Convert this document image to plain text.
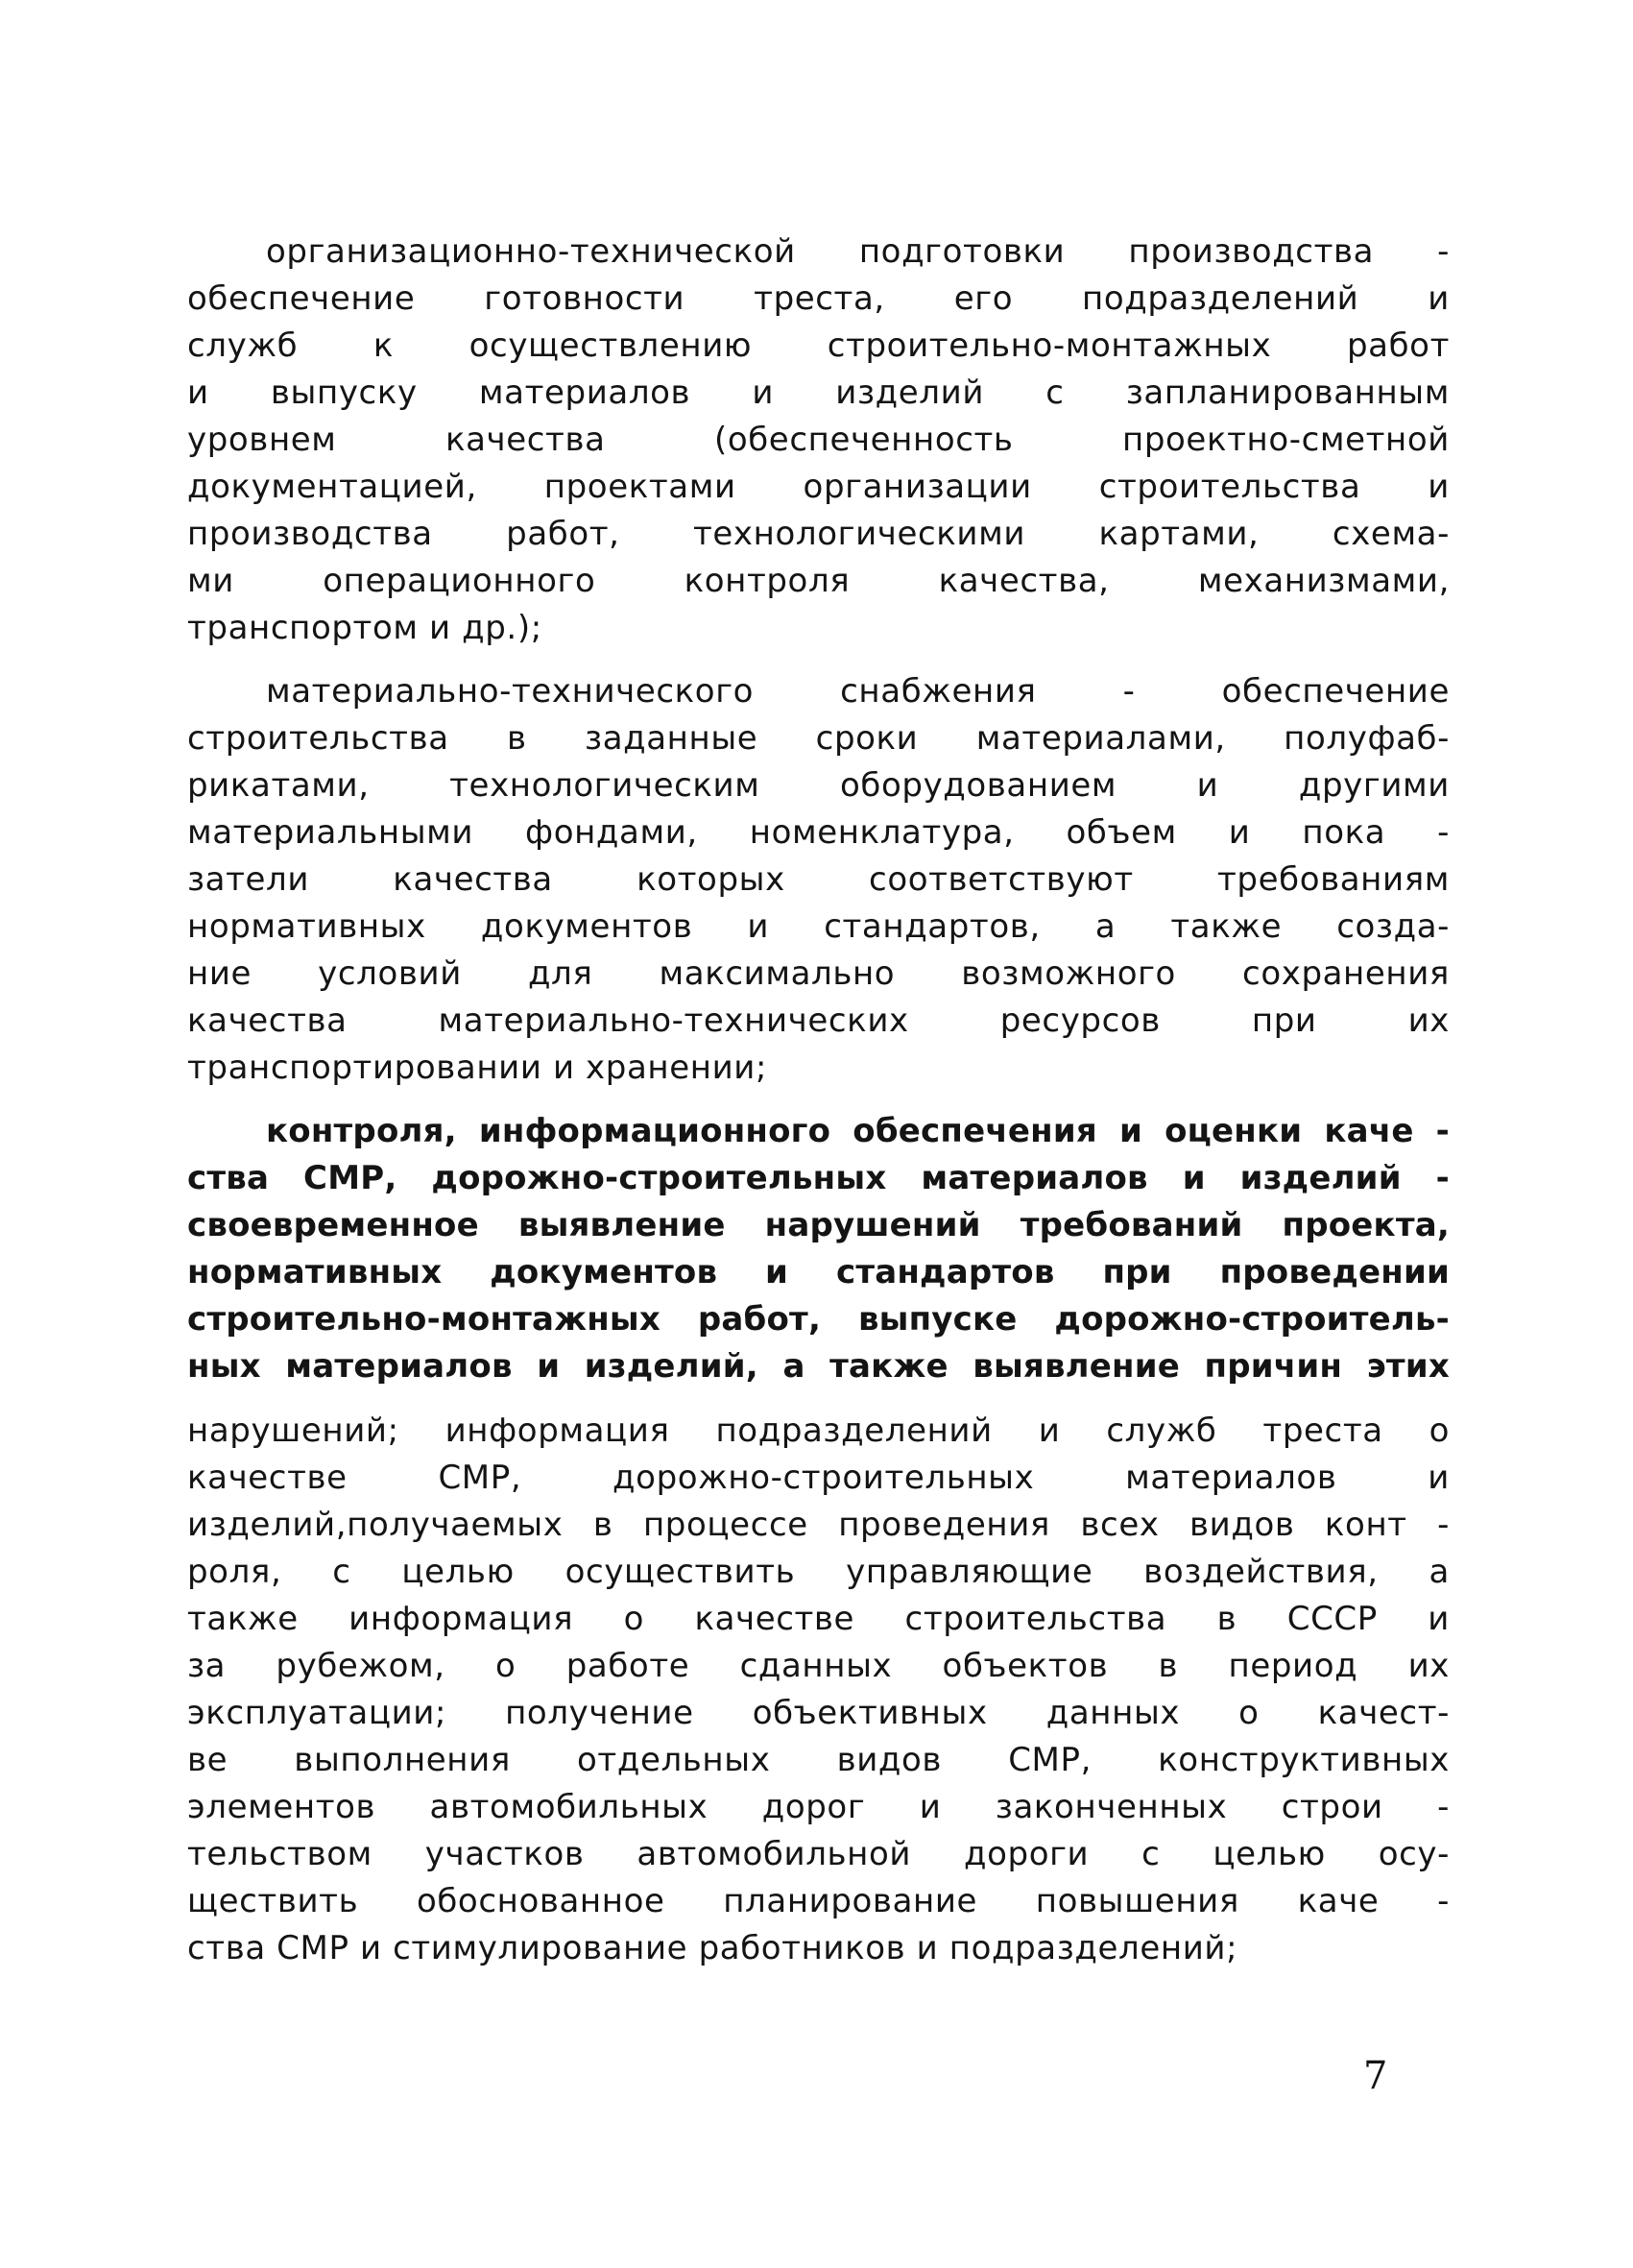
организационно-технической подготовки производства -
обеспечение готовности треста, его подразделений и
служб к осуществлению строительно-монтажных работ
и выпуску материалов и изделий с запланированным
уровнем качества (обеспеченность проектно-сметной
документацией, проектами организации строительства и
производства работ, технологическими картами, схема-
ми операционного контроля качества, механизмами,
транспортом и др.);
материально-технического снабжения - обеспечение
строительства в заданные сроки материалами, полуфаб-
рикатами, технологическим оборудованием и другими
материальными фондами, номенклатура, объем и пока -
затели качества которых соответствуют требованиям
нормативных документов и стандартов, а также созда-
ние условий для максимально возможного сохранения
качества материально-технических ресурсов при их
транспортировании и хранении;
контроля, информационного обеспечения и оценки каче -
ства СМР, дорожно-строительных материалов и изделий -
своевременное выявление нарушений требований проекта,
нормативных документов и стандартов при проведении
строительно-монтажных работ, выпуске дорожно-строитель-
ных материалов и изделий, а также выявление причин этих
нарушений; информация подразделений и служб треста о
качестве СМР, дорожно-строительных материалов и
изделий,получаемых в процессе проведения всех видов конт -
роля, с целью осуществить управляющие воздействия, а
также информация о качестве строительства в СССР и
за рубежом, о работе сданных объектов в период их
эксплуатации; получение объективных данных о качест-
ве выполнения отдельных видов СМР, конструктивных
элементов автомобильных дорог и законченных строи -
тельством участков автомобильной дороги с целью осу-
ществить обоснованное планирование повышения каче -
ства СМР и стимулирование работников и подразделений;
7
